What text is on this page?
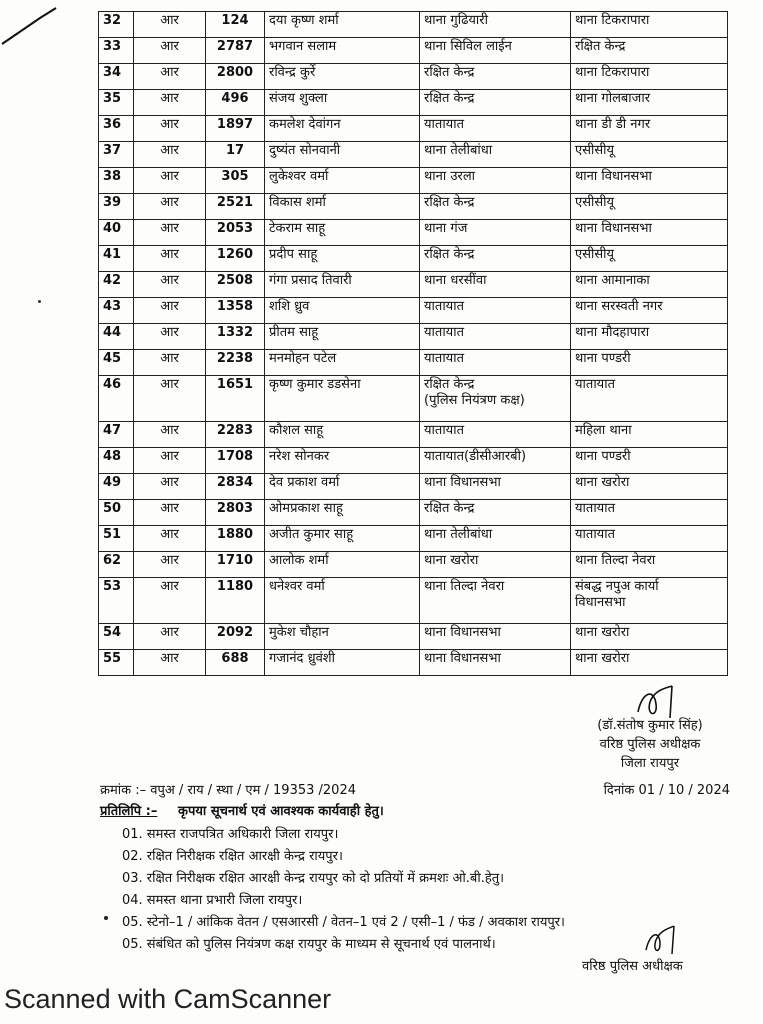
32	आर	124	दया कृष्ण शर्मा	थाना गुढियारी	थाना टिकरापारा

33	आर	2787	भगवान सलाम	थाना सिविल लाईन	रक्षित केन्द्र

34	आर	2800	रविन्द्र कुर्रे	रक्षित केन्द्र	थाना टिकरापारा

35	आर	496	संजय शुक्ला	रक्षित केन्द्र	थाना गोलबाजार

36	आर	1897	कमलेश देवांगन	यातायात	थाना डी डी नगर

37	आर	17	दुष्यंत सोनवानी	थाना तेलीबांधा	एसीसीयू

38	आर	305	लुकेश्वर वर्मा	थाना उरला	थाना विधानसभा

39	आर	2521	विकास शर्मा	रक्षित केन्द्र	एसीसीयू

40	आर	2053	टेकराम साहू	थाना गंज	थाना विधानसभा

41	आर	1260	प्रदीप साहू	रक्षित केन्द्र	एसीसीयू

42	आर	2508	गंगा प्रसाद तिवारी	थाना धरसींवा	थाना आमानाका

43	आर	1358	शशि ध्रुव	यातायात	थाना सरस्वती नगर

44	आर	1332	प्रीतम साहू	यातायात	थाना मौदहापारा

45	आर	2238	मनमोहन पटेल	यातायात	थाना पण्डरी

46	आर	1651	कृष्ण कुमार डडसेना	रक्षित केन्द्र
(पुलिस नियंत्रण कक्ष)	यातायात

47	आर	2283	कौशल साहू	यातायात	महिला थाना

48	आर	1708	नरेश सोनकर	यातायात(डीसीआरबी)	थाना पण्डरी

49	आर	2834	देव प्रकाश वर्मा	थाना विधानसभा	थाना खरोरा

50	आर	2803	ओमप्रकाश साहू	रक्षित केन्द्र	यातायात

51	आर	1880	अजीत कुमार साहू	थाना तेलीबांधा	यातायात

62	आर	1710	आलोक शर्मा	थाना खरोरा	थाना तिल्दा नेवरा

53	आर	1180	धनेश्वर वर्मा	थाना तिल्दा नेवरा	संबद्ध नपुअ कार्या
विधानसभा

54	आर	2092	मुकेश चौहान	थाना विधानसभा	थाना खरोरा

55	आर	688	गजानंद ध्रुवंशी	थाना विधानसभा	थाना खरोरा
(डॉ.संतोष कुमार सिंह)
वरिष्ठ पुलिस अधीक्षक
जिला रायपुर
क्रमांक :– वपुअ / राय / स्था / एम / 19353 /2024	दिनांक 01 / 10 / 2024
प्रतिलिपि :– कृपया सूचनार्थ एवं आवश्यक कार्यवाही हेतु।
01. समस्त राजपत्रित अधिकारी जिला रायपुर।
02. रक्षित निरीक्षक रक्षित आरक्षी केन्द्र रायपुर।
03. रक्षित निरीक्षक रक्षित आरक्षी केन्द्र रायपुर को दो प्रतियों में क्रमशः ओ.बी.हेतु।
04. समस्त थाना प्रभारी जिला रायपुर।
05. स्टेनो–1 / आंकिक वेतन / एसआरसी / वेतन–1 एवं 2 / एसी–1 / फंड / अवकाश रायपुर।
05. संबंधित को पुलिस नियंत्रण कक्ष रायपुर के माध्यम से सूचनार्थ एवं पालनार्थ।
वरिष्ठ पुलिस अधीक्षक
Scanned with CamScanner
